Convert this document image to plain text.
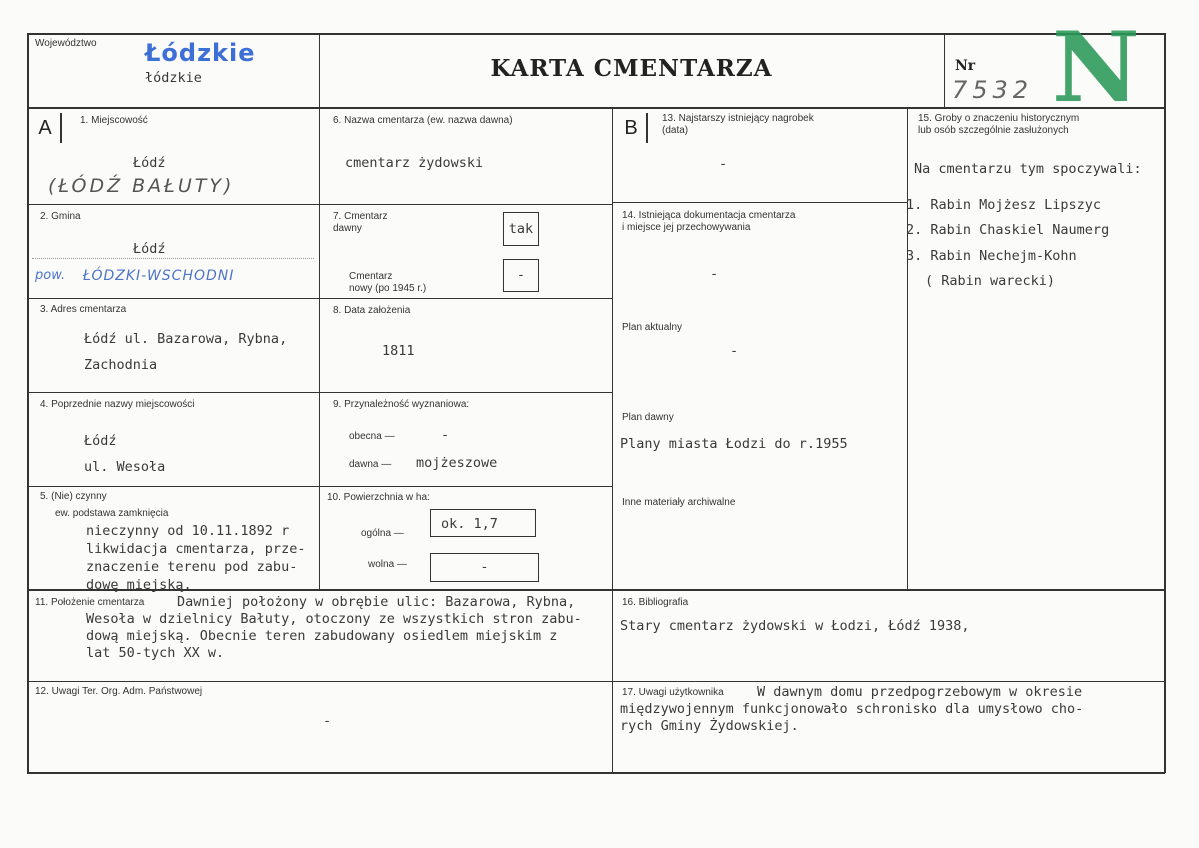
Województwo Łódzkie
łódzkie	KARTA CMENTARZA	Nr
7532 N
A	B
1. Miejscowość
Łódź
(ŁÓDŹ BAŁUTY)
2. Gmina
Łódź
pow. ŁÓDZKI-WSCHODNI
3. Adres cmentarza
Łódź ul. Bazarowa, Rybna,
Zachodnia
4. Poprzednie nazwy miejscowości
Łódź
ul. Wesoła
5. (Nie) czynny
ew. podstawa zamknięcia
nieczynny od 10.11.1892 r
likwidacja cmentarza, prze-
znaczenie terenu pod zabu-
dowę miejską.
6. Nazwa cmentarza (ew. nazwa dawna)
cmentarz żydowski
7. Cmentarz
dawny	tak
Cmentarz
nowy (po 1945 r.)
-
8. Data założenia
1811
9. Przynależność wyznaniowa:
obecna —	-
dawna — mojżeszowe
10. Powierzchnia w ha:
ogólna —
ok. 1,7
wolna —	-
11. Położenie cmentarza Dawniej położony w obrębie ulic: Bazarowa, Rybna,
Wesoła w dzielnicy Bałuty, otoczony ze wszystkich stron zabu-
dową miejską. Obecnie teren zabudowany osiedlem miejskim z
lat 50-tych XX w.
12. Uwagi Ter. Org. Adm. Państwowej
-
13. Najstarszy istniejący nagrobek
(data)
-
14. Istniejąca dokumentacja cmentarza
i miejsce jej przechowywania
-
Plan aktualny
-
Plan dawny
Plany miasta Łodzi do r.1955
Inne materiały archiwalne
15. Groby o znaczeniu historycznym
lub osób szczególnie zasłużonych
Na cmentarzu tym spoczywali:
1. Rabin Mojżesz Lipszyc
2. Rabin Chaskiel Naumerg
3. Rabin Nechejm-Kohn
( Rabin warecki)
16. Bibliografia
Stary cmentarz żydowski w Łodzi, Łódź 1938,
17. Uwagi użytkownika W dawnym domu przedpogrzebowym w okresie
międzywojennym funkcjonowało schronisko dla umysłowo cho-
rych Gminy Żydowskiej.
